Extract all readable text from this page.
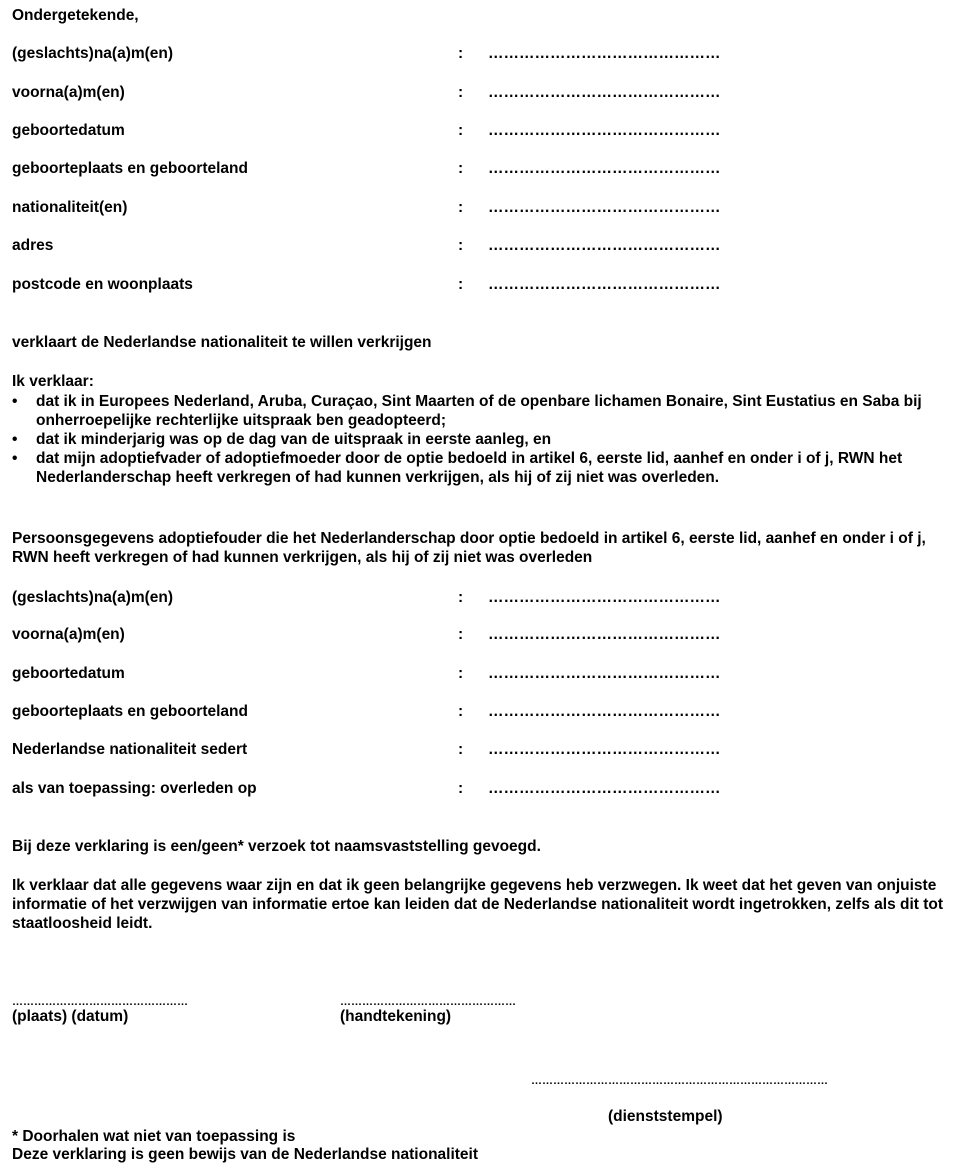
Ondergetekende,
(geslachts)na(a)m(en)	: ………………………………………
voorna(a)m(en)	: ………………………………………
geboortedatum	: ………………………………………
geboorteplaats en geboorteland	: ………………………………………
nationaliteit(en)	: ………………………………………
adres	: ………………………………………
postcode en woonplaats	: ………………………………………
verklaart de Nederlandse nationaliteit te willen verkrijgen
Ik verklaar:
• dat ik in Europees Nederland, Aruba, Curaçao, Sint Maarten of de openbare lichamen Bonaire, Sint Eustatius en Saba bij onherroepelijke rechterlijke uitspraak ben geadopteerd;
• dat ik minderjarig was op de dag van de uitspraak in eerste aanleg, en
• dat mijn adoptiefvader of adoptiefmoeder door de optie bedoeld in artikel 6, eerste lid, aanhef en onder i of j, RWN het Nederlanderschap heeft verkregen of had kunnen verkrijgen, als hij of zij niet was overleden.
Persoonsgegevens adoptiefouder die het Nederlanderschap door optie bedoeld in artikel 6, eerste lid, aanhef en onder i of j, RWN heeft verkregen of had kunnen verkrijgen, als hij of zij niet was overleden
(geslachts)na(a)m(en)	: ………………………………………
voorna(a)m(en)	: ………………………………………
geboortedatum	: ………………………………………
geboorteplaats en geboorteland	: ………………………………………
Nederlandse nationaliteit sedert	: ………………………………………
als van toepassing: overleden op	: ………………………………………
Bij deze verklaring is een/geen* verzoek tot naamsvaststelling gevoegd.
Ik verklaar dat alle gegevens waar zijn en dat ik geen belangrijke gegevens heb verzwegen. Ik weet dat het geven van onjuiste informatie of het verzwijgen van informatie ertoe kan leiden dat de Nederlandse nationaliteit wordt ingetrokken, zelfs als dit tot staatloosheid leidt.
…………………………………………
(plaats) (datum)
…………………………………………
(handtekening)
………………………………………………………………………
(dienststempel)
* Doorhalen wat niet van toepassing is
Deze verklaring is geen bewijs van de Nederlandse nationaliteit
